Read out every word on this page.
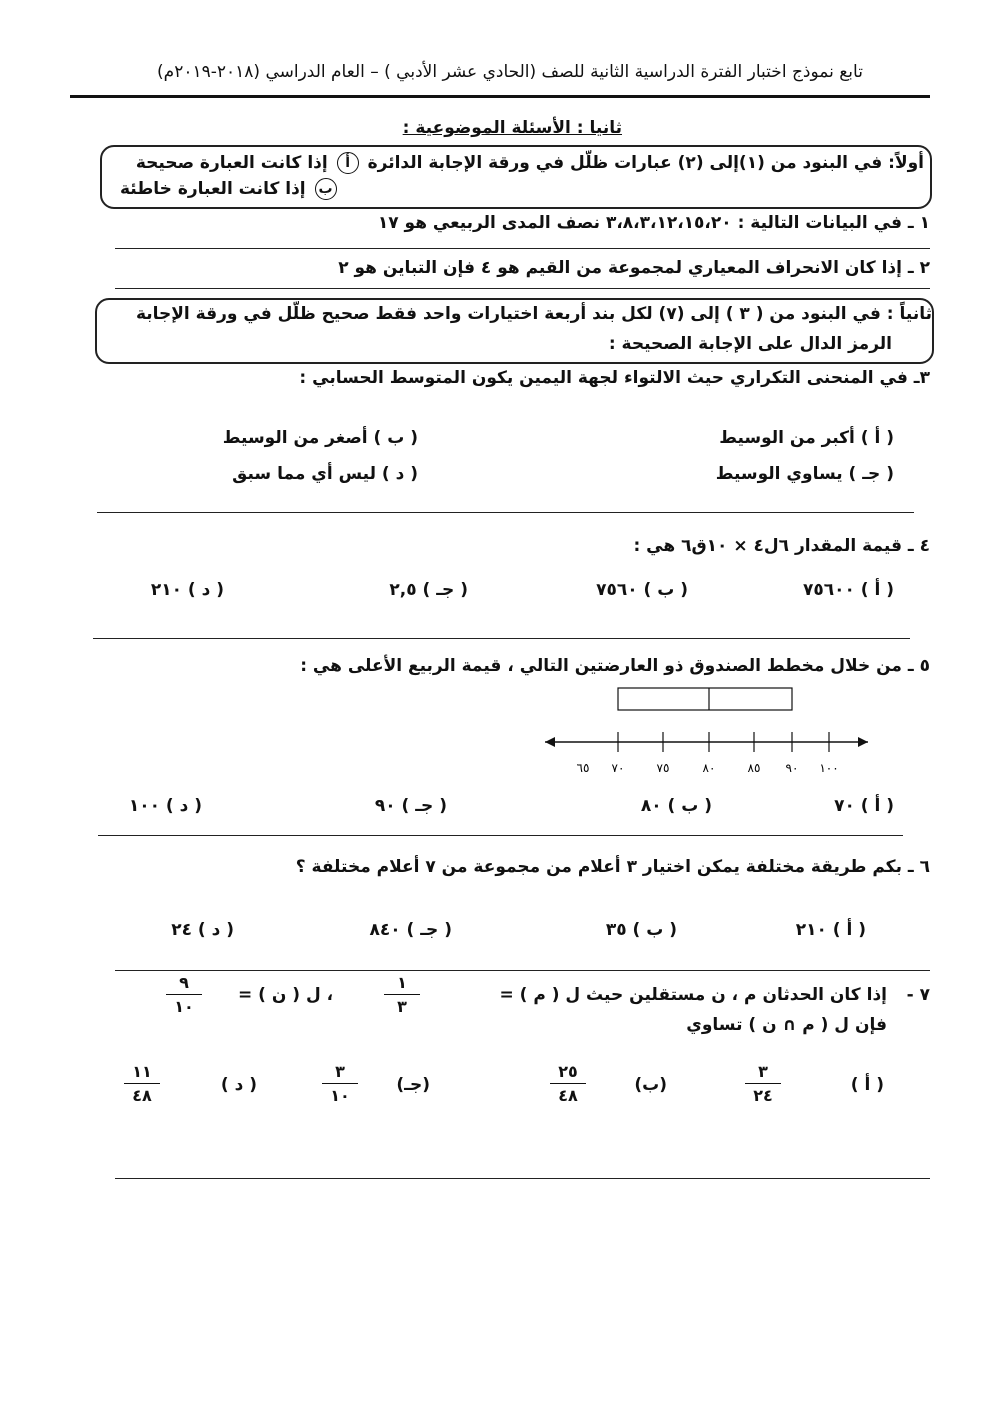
تابع نموذج اختبار الفترة الدراسية الثانية للصف (الحادي عشر الأدبي ) – العام الدراسي (٢٠١٨-٢٠١٩م)
ثانيا : الأسئلة الموضوعية :
أولاً: في البنود من (١)إلى (٢) عبارات ظلّل في ورقة الإجابة الدائرة أ إذا كانت العبارة صحيحة
ب إذا كانت العبارة خاطئة
١ ـ في البيانات التالية : ٣،٨،٣،١٢،١٥،٢٠ نصف المدى الربيعي هو ١٧
٢ ـ إذا كان الانحراف المعياري لمجموعة من القيم هو ٤ فإن التباين هو ٢
ثانياً : في البنود من ( ٣ ) إلى (٧) لكل بند أربعة اختيارات واحد فقط صحيح ظلّل في ورقة الإجابة
الرمز الدال على الإجابة الصحيحة :
٣ـ في المنحنى التكراري حيث الالتواء لجهة اليمين يكون المتوسط الحسابي :
( أ ) أكبر من الوسيط
( ب ) أصغر من الوسيط
( جـ ) يساوي الوسيط
( د ) ليس أي مما سبق
٤ ـ قيمة المقدار ٦ل٤ × ١٠ق٦ هي :
( أ ) ٧٥٦٠٠
( ب ) ٧٥٦٠
( جـ ) ٢,٥
( د ) ٢١٠
٥ ـ من خلال مخطط الصندوق ذو العارضتين التالي ، قيمة الربيع الأعلى هي :
٦٥ ٧٠	٧٥	٨٠	٨٥ ٩٠ ١٠٠
( أ ) ٧٠
( ب ) ٨٠
( جـ ) ٩٠
( د ) ١٠٠
٦ ـ بكم طريقة مختلفة يمكن اختيار ٣ أعلام من مجموعة من ٧ أعلام مختلفة ؟
( أ ) ٢١٠
( ب ) ٣٥
( جـ ) ٨٤٠
( د ) ٢٤
٧ -
إذا كان الحدثان م ، ن مستقلين حيث ل ( م ) =
١
٣
، ل ( ن ) =
٩
١٠
فإن ل ( م ∩ ن ) تساوي
( أ )
٣
٢٤
(ب)
٢٥
٤٨
(جـ)
٣
١٠
( د )
١١
٤٨
